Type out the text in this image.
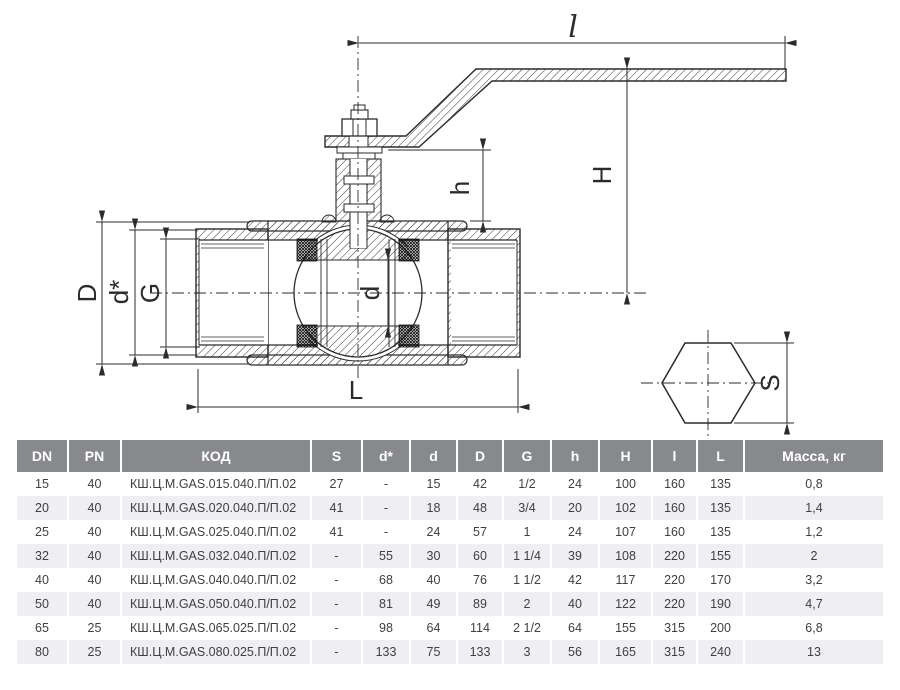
l
h
H
D d* G	d
L	S
DN	PN	КОД	S	d*	d	D	G	h	H	l	L	Масса, кг
15	40	КШ.Ц.М.GAS.015.040.П/П.02	27	-	15	42	1/2	24	100	160	135	0,8
20	40	КШ.Ц.М.GAS.020.040.П/П.02	41	-	18	48	3/4	20	102	160	135	1,4
25	40	КШ.Ц.М.GAS.025.040.П/П.02	41	-	24	57	1	24	107	160	135	1,2
32	40	КШ.Ц.М.GAS.032.040.П/П.02	-	55	30	60	1 1/4	39	108	220	155	2
40	40	КШ.Ц.М.GAS.040.040.П/П.02	-	68	40	76	1 1/2	42	117	220	170	3,2
50	40	КШ.Ц.М.GAS.050.040.П/П.02	-	81	49	89	2	40	122	220	190	4,7
65	25	КШ.Ц.М.GAS.065.025.П/П.02	-	98	64	114	2 1/2	64	155	315	200	6,8
80	25	КШ.Ц.М.GAS.080.025.П/П.02	-	133	75	133	3	56	165	315	240	13
